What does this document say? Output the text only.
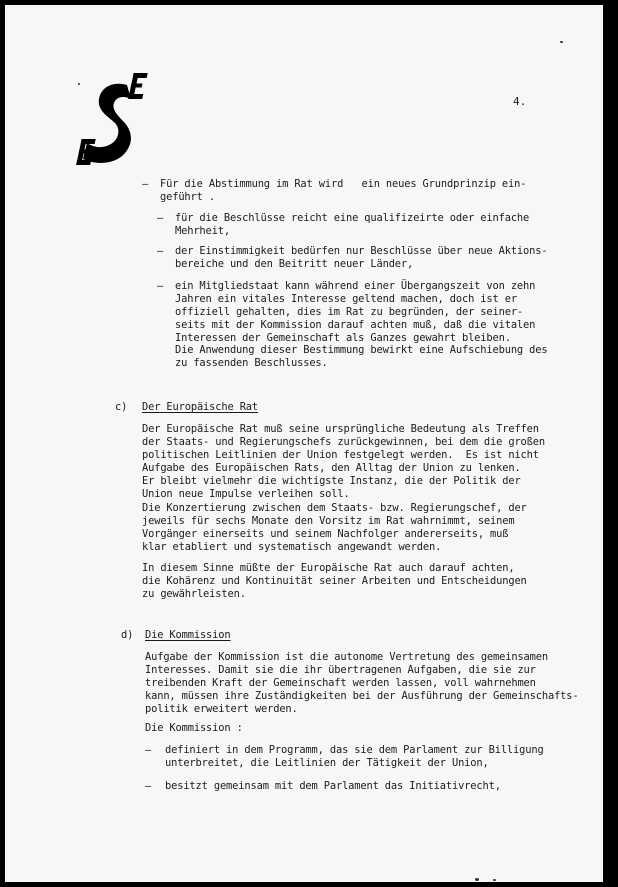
4.
– Für die Abstimmung im Rat wird   ein neues Grundprinzip ein-
geführt .
– für die Beschlüsse reicht eine qualifizeirte oder einfache
Mehrheit,
– der Einstimmigkeit bedürfen nur Beschlüsse über neue Aktions-
bereiche und den Beitritt neuer Länder,
– ein Mitgliedstaat kann während einer Übergangszeit von zehn
Jahren ein vitales Interesse geltend machen, doch ist er
offiziell gehalten, dies im Rat zu begründen, der seiner-
seits mit der Kommission darauf achten muß, daß die vitalen
Interessen der Gemeinschaft als Ganzes gewahrt bleiben.
Die Anwendung dieser Bestimmung bewirkt eine Aufschiebung des
zu fassenden Beschlusses.
c) Der Europäische Rat
Der Europäische Rat muß seine ursprüngliche Bedeutung als Treffen
der Staats- und Regierungschefs zurückgewinnen, bei dem die großen
politischen Leitlinien der Union festgelegt werden.  Es ist nicht
Aufgabe des Europäischen Rats, den Alltag der Union zu lenken.
Er bleibt vielmehr die wichtigste Instanz, die der Politik der
Union neue Impulse verleihen soll.
Die Konzertierung zwischen dem Staats- bzw. Regierungschef, der
jeweils für sechs Monate den Vorsitz im Rat wahrnimmt, seinem
Vorgänger einerseits und seinem Nachfolger andererseits, muß
klar etabliert und systematisch angewandt werden.
In diesem Sinne müßte der Europäische Rat auch darauf achten,
die Kohärenz und Kontinuität seiner Arbeiten und Entscheidungen
zu gewährleisten.
d) Die Kommission
Aufgabe der Kommission ist die autonome Vertretung des gemeinsamen
Interesses. Damit sie die ihr übertragenen Aufgaben, die sie zur
treibenden Kraft der Gemeinschaft werden lassen, voll wahrnehmen
kann, müssen ihre Zuständigkeiten bei der Ausführung der Gemeinschafts-
politik erweitert werden.
Die Kommission :
– definiert in dem Programm, das sie dem Parlament zur Billigung
unterbreitet, die Leitlinien der Tätigkeit der Union,
– besitzt gemeinsam mit dem Parlament das Initiativrecht,
